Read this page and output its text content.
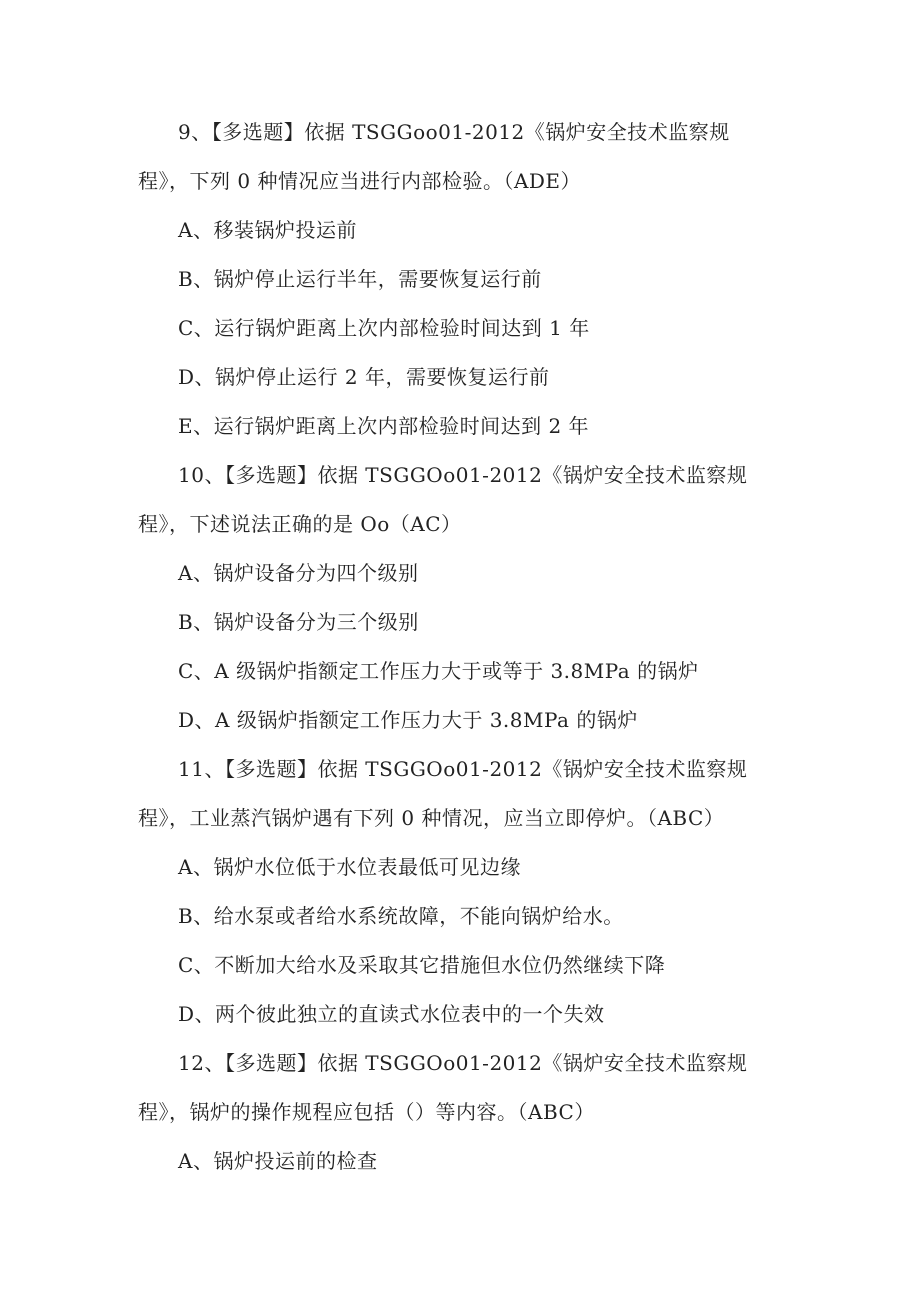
9、【多选题】依据 TSGGoo01-2012《锅炉安全技术监察规
程》，下列 0 种情况应当进行内部检验。（ADE）
A、移装锅炉投运前
B、锅炉停止运行半年，需要恢复运行前
C、运行锅炉距离上次内部检验时间达到 1 年
D、锅炉停止运行 2 年，需要恢复运行前
E、运行锅炉距离上次内部检验时间达到 2 年
10、【多选题】依据 TSGGOo01-2012《锅炉安全技术监察规
程》，下述说法正确的是 Oo（AC）
A、锅炉设备分为四个级别
B、锅炉设备分为三个级别
C、A 级锅炉指额定工作压力大于或等于 3.8MPa 的锅炉
D、A 级锅炉指额定工作压力大于 3.8MPa 的锅炉
11、【多选题】依据 TSGGOo01-2012《锅炉安全技术监察规
程》，工业蒸汽锅炉遇有下列 0 种情况，应当立即停炉。（ABC）
A、锅炉水位低于水位表最低可见边缘
B、给水泵或者给水系统故障，不能向锅炉给水。
C、不断加大给水及采取其它措施但水位仍然继续下降
D、两个彼此独立的直读式水位表中的一个失效
12、【多选题】依据 TSGGOo01-2012《锅炉安全技术监察规
程》，锅炉的操作规程应包括（）等内容。（ABC）
A、锅炉投运前的检查
